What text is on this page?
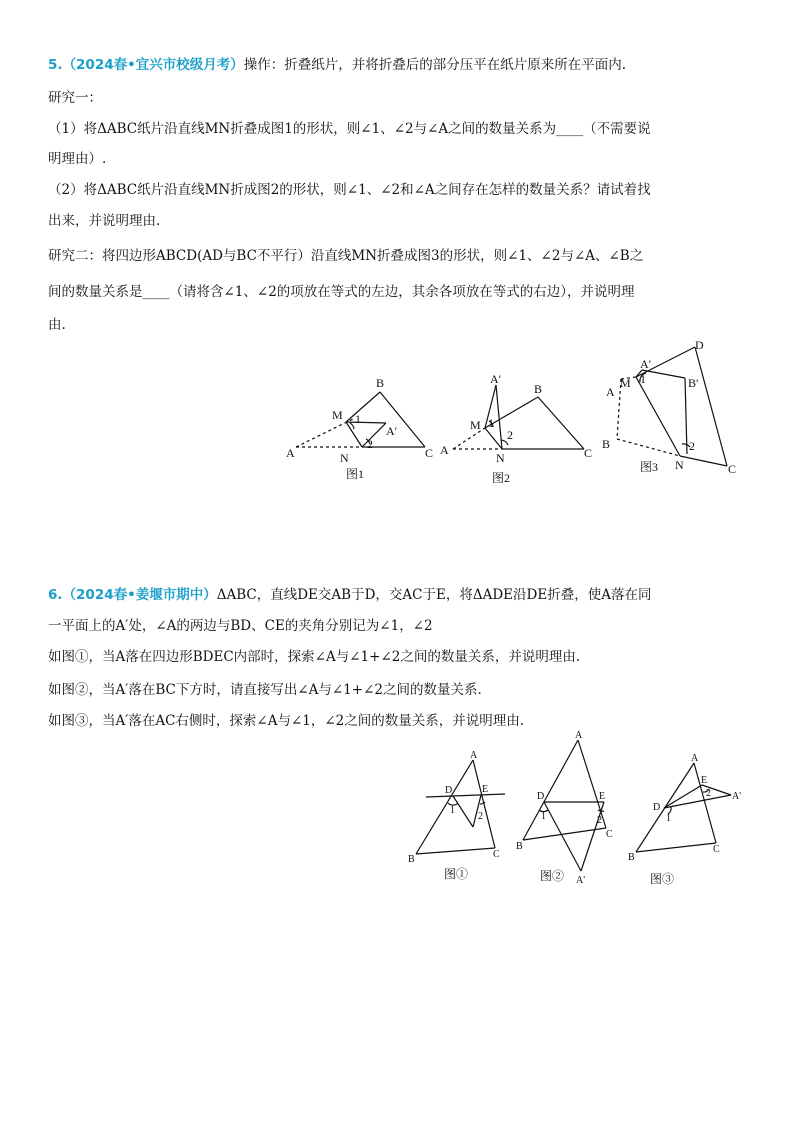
5.（2024春•宜兴市校级月考）操作：折叠纸片，并将折叠后的部分压平在纸片原来所在平面内.
研究一：
（1）将ΔABC纸片沿直线MN折叠成图1的形状，则∠1、∠2与∠A之间的数量关系为____（不需要说
明理由）.
（2）将ΔABC纸片沿直线MN折成图2的形状，则∠1、∠2和∠A之间存在怎样的数量关系？请试着找
出来，并说明理由.
研究二：将四边形ABCD(AD与BC不平行）沿直线MN折叠成图3的形状，则∠1、∠2与∠A、∠B之
间的数量关系是____（请将含∠1、∠2的项放在等式的左边，其余各项放在等式的右边），并说明理
由.
A
B
C
M
N
A′
1
2
图1
A
B
C
M
N
A′
1
2
图2
A
B
C
D
M
N
A′
B′
1
2
图3
6.（2024春•姜堰市期中）ΔABC，直线DE交AB于D，交AC于E，将ΔADE沿DE折叠，使A落在同
一平面上的A′处，∠A的两边与BD、CE的夹角分别记为∠1，∠2
如图①，当A落在四边形BDEC内部时，探索∠A与∠1+∠2之间的数量关系，并说明理由.
如图②，当A′落在BC下方时，请直接写出∠A与∠1+∠2之间的数量关系.
如图③，当A′落在AC右侧时，探索∠A与∠1，∠2之间的数量关系，并说明理由.
A
B	C
D	E
1
2
图①
A
B
C
D	E
A'
1	2
图②
A
B
C
D
E
A'
1
2
图③
